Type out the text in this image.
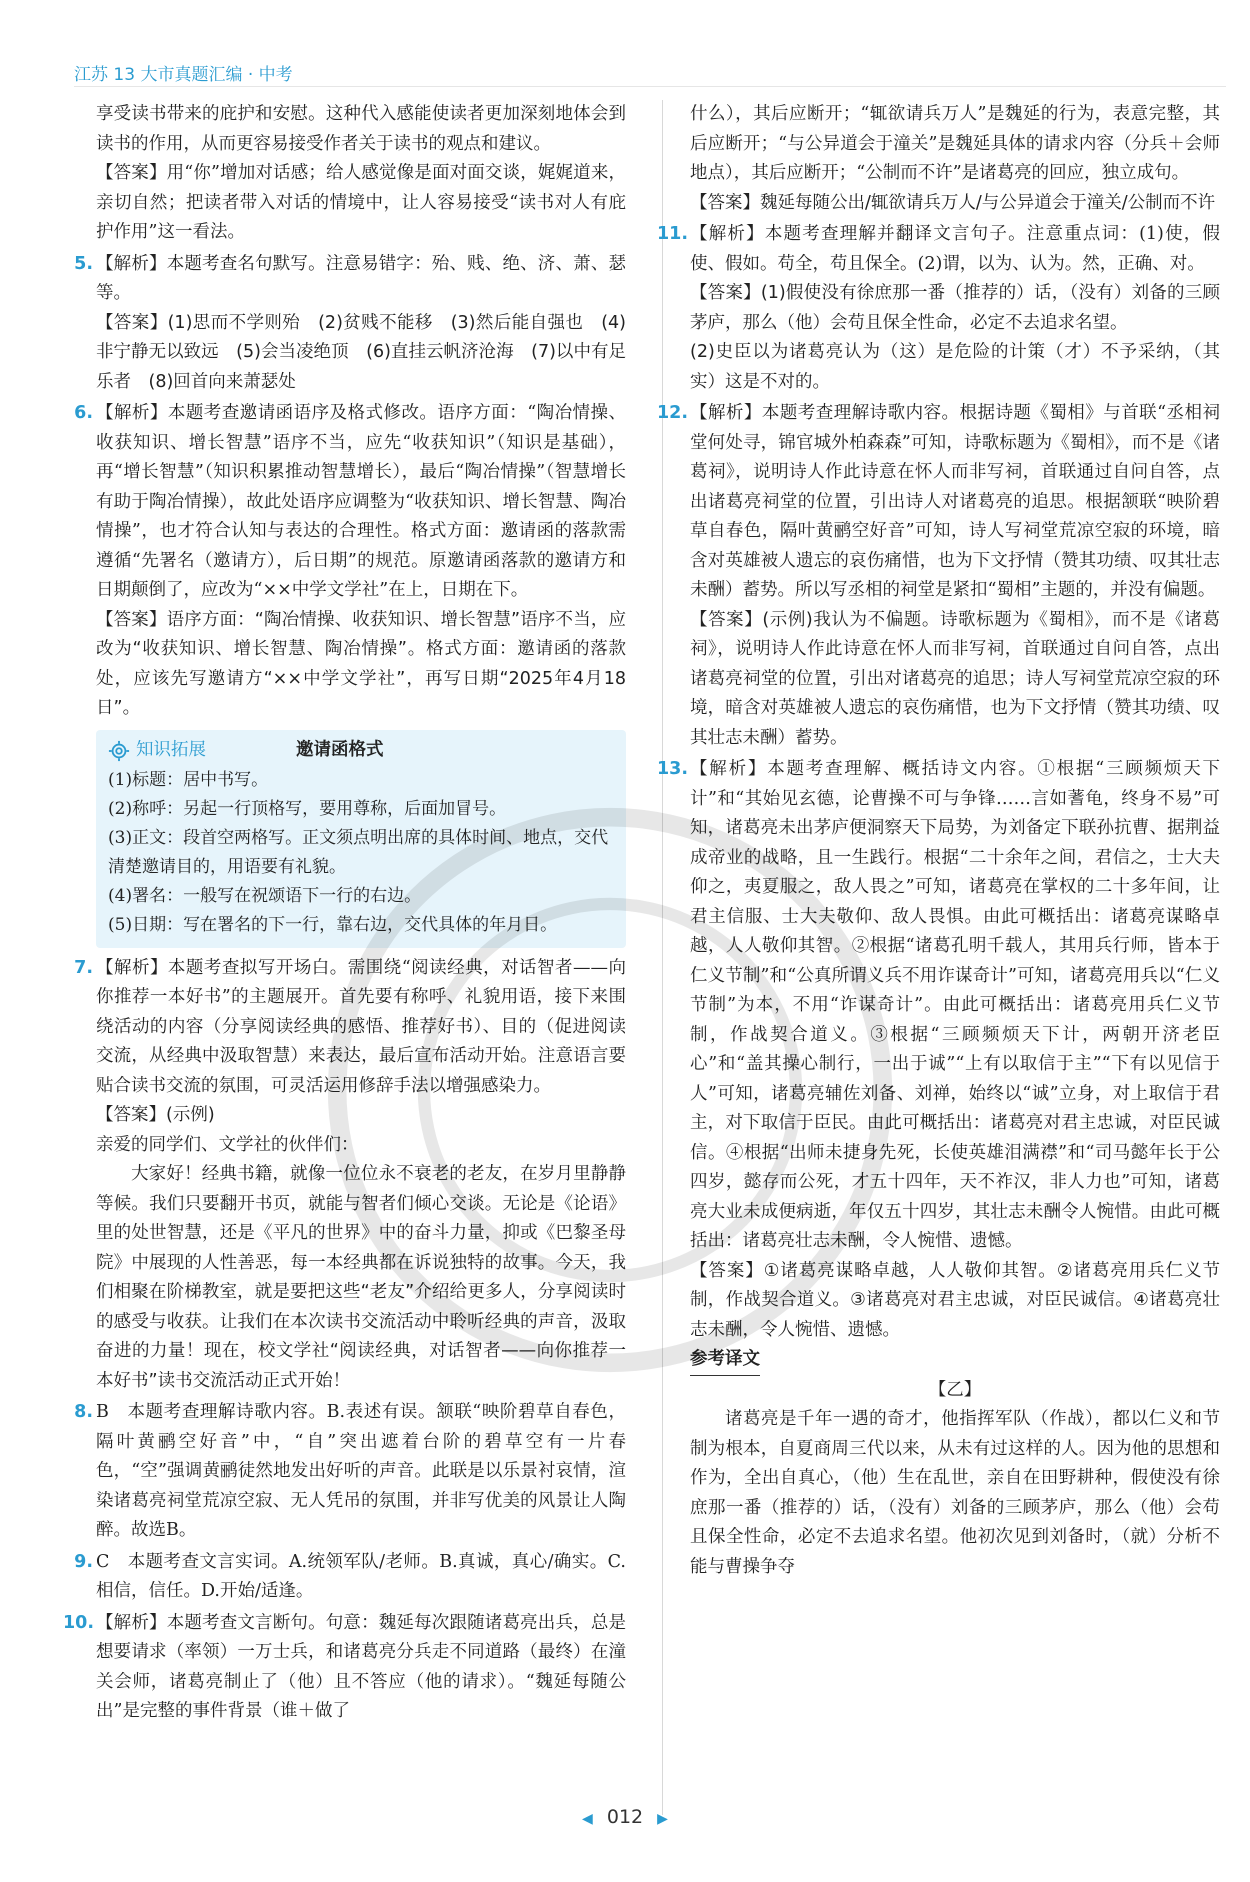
江苏 13 大市真题汇编 · 中考

享受读书带来的庇护和安慰。这种代入感能使读者更加深刻地体会到读书的作用，从而更容易接受作者关于读书的观点和建议。

【答案】用“你”增加对话感；给人感觉像是面对面交谈，娓娓道来，亲切自然；把读者带入对话的情境中，让人容易接受“读书对人有庇护作用”这一看法。

5. 【解析】本题考查名句默写。注意易错字：殆、贱、绝、济、萧、瑟等。

【答案】(1)思而不学则殆　(2)贫贱不能移　(3)然后能自强也　(4)非宁静无以致远　(5)会当凌绝顶　(6)直挂云帆济沧海　(7)以中有足乐者　(8)回首向来萧瑟处

6. 【解析】本题考查邀请函语序及格式修改。语序方面：“陶冶情操、收获知识、增长智慧”语序不当，应先“收获知识”（知识是基础），再“增长智慧”（知识积累推动智慧增长），最后“陶冶情操”（智慧增长有助于陶冶情操），故此处语序应调整为“收获知识、增长智慧、陶冶情操”，也才符合认知与表达的合理性。格式方面：邀请函的落款需遵循“先署名（邀请方），后日期”的规范。原邀请函落款的邀请方和日期颠倒了，应改为“××中学文学社”在上，日期在下。

【答案】语序方面：“陶冶情操、收获知识、增长智慧”语序不当，应改为“收获知识、增长智慧、陶冶情操”。格式方面：邀请函的落款处，应该先写邀请方“××中学文学社”，再写日期“2025年4月18日”。

知识拓展	邀请函格式
(1)标题：居中书写。
(2)称呼：另起一行顶格写，要用尊称，后面加冒号。
(3)正文：段首空两格写。正文须点明出席的具体时间、地点，交代清楚邀请目的，用语要有礼貌。
(4)署名：一般写在祝颂语下一行的右边。
(5)日期：写在署名的下一行，靠右边，交代具体的年月日。
7. 【解析】本题考查拟写开场白。需围绕“阅读经典，对话智者——向你推荐一本好书”的主题展开。首先要有称呼、礼貌用语，接下来围绕活动的内容（分享阅读经典的感悟、推荐好书）、目的（促进阅读交流，从经典中汲取智慧）来表达，最后宣布活动开始。注意语言要贴合读书交流的氛围，可灵活运用修辞手法以增强感染力。

【答案】(示例)

亲爱的同学们、文学社的伙伴们：

大家好！经典书籍，就像一位位永不衰老的老友，在岁月里静静等候。我们只要翻开书页，就能与智者们倾心交谈。无论是《论语》里的处世智慧，还是《平凡的世界》中的奋斗力量，抑或《巴黎圣母院》中展现的人性善恶，每一本经典都在诉说独特的故事。今天，我们相聚在阶梯教室，就是要把这些“老友”介绍给更多人，分享阅读时的感受与收获。让我们在本次读书交流活动中聆听经典的声音，汲取奋进的力量！现在，校文学社“阅读经典，对话智者——向你推荐一本好书”读书交流活动正式开始！

8. B　本题考查理解诗歌内容。B.表述有误。颔联“映阶碧草自春色，隔叶黄鹂空好音”中，“自”突出遮着台阶的碧草空有一片春色，“空”强调黄鹂徒然地发出好听的声音。此联是以乐景衬哀情，渲染诸葛亮祠堂荒凉空寂、无人凭吊的氛围，并非写优美的风景让人陶醉。故选B。

9. C　本题考查文言实词。A.统领军队/老师。B.真诚，真心/确实。C.相信，信任。D.开始/适逢。

10. 【解析】本题考查文言断句。句意：魏延每次跟随诸葛亮出兵，总是想要请求（率领）一万士兵，和诸葛亮分兵走不同道路（最终）在潼关会师，诸葛亮制止了（他）且不答应（他的请求）。“魏延每随公出”是完整的事件背景（谁＋做了

什么），其后应断开；“辄欲请兵万人”是魏延的行为，表意完整，其后应断开；“与公异道会于潼关”是魏延具体的请求内容（分兵＋会师地点），其后应断开；“公制而不许”是诸葛亮的回应，独立成句。

【答案】魏延每随公出/辄欲请兵万人/与公异道会于潼关/公制而不许

11. 【解析】本题考查理解并翻译文言句子。注意重点词：(1)使，假使、假如。苟全，苟且保全。(2)谓，以为、认为。然，正确、对。

【答案】(1)假使没有徐庶那一番（推荐的）话，（没有）刘备的三顾茅庐，那么（他）会苟且保全性命，必定不去追求名望。

(2)史臣以为诸葛亮认为（这）是危险的计策（才）不予采纳，（其实）这是不对的。

12. 【解析】本题考查理解诗歌内容。根据诗题《蜀相》与首联“丞相祠堂何处寻，锦官城外柏森森”可知，诗歌标题为《蜀相》，而不是《诸葛祠》，说明诗人作此诗意在怀人而非写祠，首联通过自问自答，点出诸葛亮祠堂的位置，引出诗人对诸葛亮的追思。根据颔联“映阶碧草自春色，隔叶黄鹂空好音”可知，诗人写祠堂荒凉空寂的环境，暗含对英雄被人遗忘的哀伤痛惜，也为下文抒情（赞其功绩、叹其壮志未酬）蓄势。所以写丞相的祠堂是紧扣“蜀相”主题的，并没有偏题。

【答案】(示例)我认为不偏题。诗歌标题为《蜀相》，而不是《诸葛祠》，说明诗人作此诗意在怀人而非写祠，首联通过自问自答，点出诸葛亮祠堂的位置，引出对诸葛亮的追思；诗人写祠堂荒凉空寂的环境，暗含对英雄被人遗忘的哀伤痛惜，也为下文抒情（赞其功绩、叹其壮志未酬）蓄势。

13. 【解析】本题考查理解、概括诗文内容。①根据“三顾频烦天下计”和“其始见玄德，论曹操不可与争锋……言如蓍龟，终身不易”可知，诸葛亮未出茅庐便洞察天下局势，为刘备定下联孙抗曹、据荆益成帝业的战略，且一生践行。根据“二十余年之间，君信之，士大夫仰之，夷夏服之，敌人畏之”可知，诸葛亮在掌权的二十多年间，让君主信服、士大夫敬仰、敌人畏惧。由此可概括出：诸葛亮谋略卓越，人人敬仰其智。②根据“诸葛孔明千载人，其用兵行师，皆本于仁义节制”和“公真所谓义兵不用诈谋奇计”可知，诸葛亮用兵以“仁义节制”为本，不用“诈谋奇计”。由此可概括出：诸葛亮用兵仁义节制，作战契合道义。③根据“三顾频烦天下计，两朝开济老臣心”和“盖其操心制行，一出于诚”“上有以取信于主”“下有以见信于人”可知，诸葛亮辅佐刘备、刘禅，始终以“诚”立身，对上取信于君主，对下取信于臣民。由此可概括出：诸葛亮对君主忠诚，对臣民诚信。④根据“出师未捷身先死，长使英雄泪满襟”和“司马懿年长于公四岁，懿存而公死，才五十四年，天不祚汉，非人力也”可知，诸葛亮大业未成便病逝，年仅五十四岁，其壮志未酬令人惋惜。由此可概括出：诸葛亮壮志未酬，令人惋惜、遗憾。

【答案】①诸葛亮谋略卓越，人人敬仰其智。②诸葛亮用兵仁义节制，作战契合道义。③诸葛亮对君主忠诚，对臣民诚信。④诸葛亮壮志未酬，令人惋惜、遗憾。

参考译文

【乙】

诸葛亮是千年一遇的奇才，他指挥军队（作战），都以仁义和节制为根本，自夏商周三代以来，从未有过这样的人。因为他的思想和作为，全出自真心，（他）生在乱世，亲自在田野耕种，假使没有徐庶那一番（推荐的）话，（没有）刘备的三顾茅庐，那么（他）会苟且保全性命，必定不去追求名望。他初次见到刘备时，（就）分析不能与曹操争夺

◀ 012 ▶
